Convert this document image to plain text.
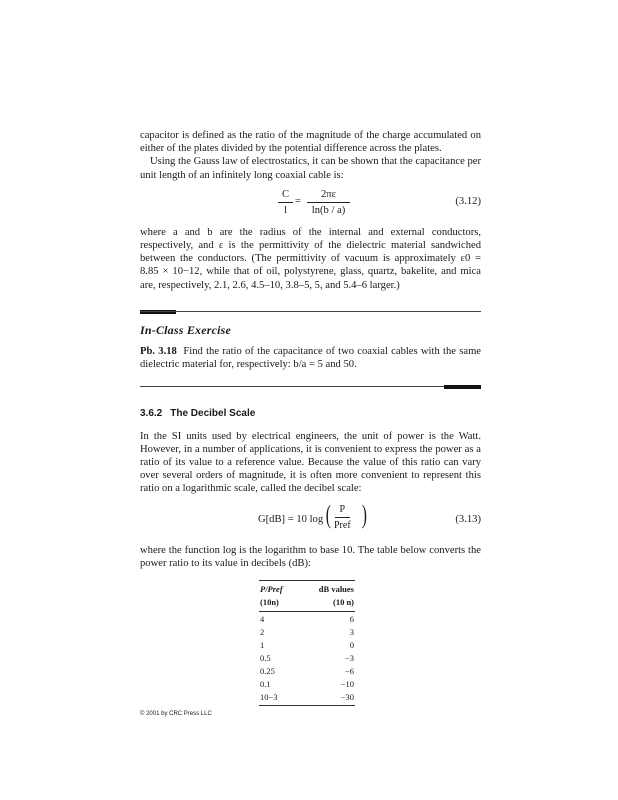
capacitor is defined as the ratio of the magnitude of the charge accumulated on either of the plates divided by the potential difference across the plates.

Using the Gauss law of electrostatics, it can be shown that the capacitance per unit length of an infinitely long coaxial cable is:

$\frac{C}{l} = \frac{2\pi\varepsilon}{\ln(b / a)}$	(3.12)

where a and b are the radius of the internal and external conductors, respectively, and ε is the permittivity of the dielectric material sandwiched between the conductors. (The permittivity of vacuum is approximately ε0 = 8.85 × 10−12, while that of oil, polystyrene, glass, quartz, bakelite, and mica are, respectively, 2.1, 2.6, 4.5–10, 3.8–5, 5, and 5.4–6 larger.)

In-Class Exercise

Pb. 3.18 Find the ratio of the capacitance of two coaxial cables with the same dielectric material for, respectively: b/a = 5 and 50.

3.6.2 The Decibel Scale

In the SI units used by electrical engineers, the unit of power is the Watt. However, in a number of applications, it is convenient to express the power as a ratio of its value to a reference value. Because the value of this ratio can vary over several orders of magnitude, it is often more convenient to represent this ratio on a logarithmic scale, called the decibel scale:

G[dB] = 10 log ( P
Pref )	(3.13)

where the function log is the logarithm to base 10. The table below converts the power ratio to its value in decibels (dB):

P/Pref	dB values
(10n)	(10 n)
4	6
2	3
1	0
0.5	−3
0.25	−6
0.1	−10
10−3	−30
© 2001 by CRC Press LLC
